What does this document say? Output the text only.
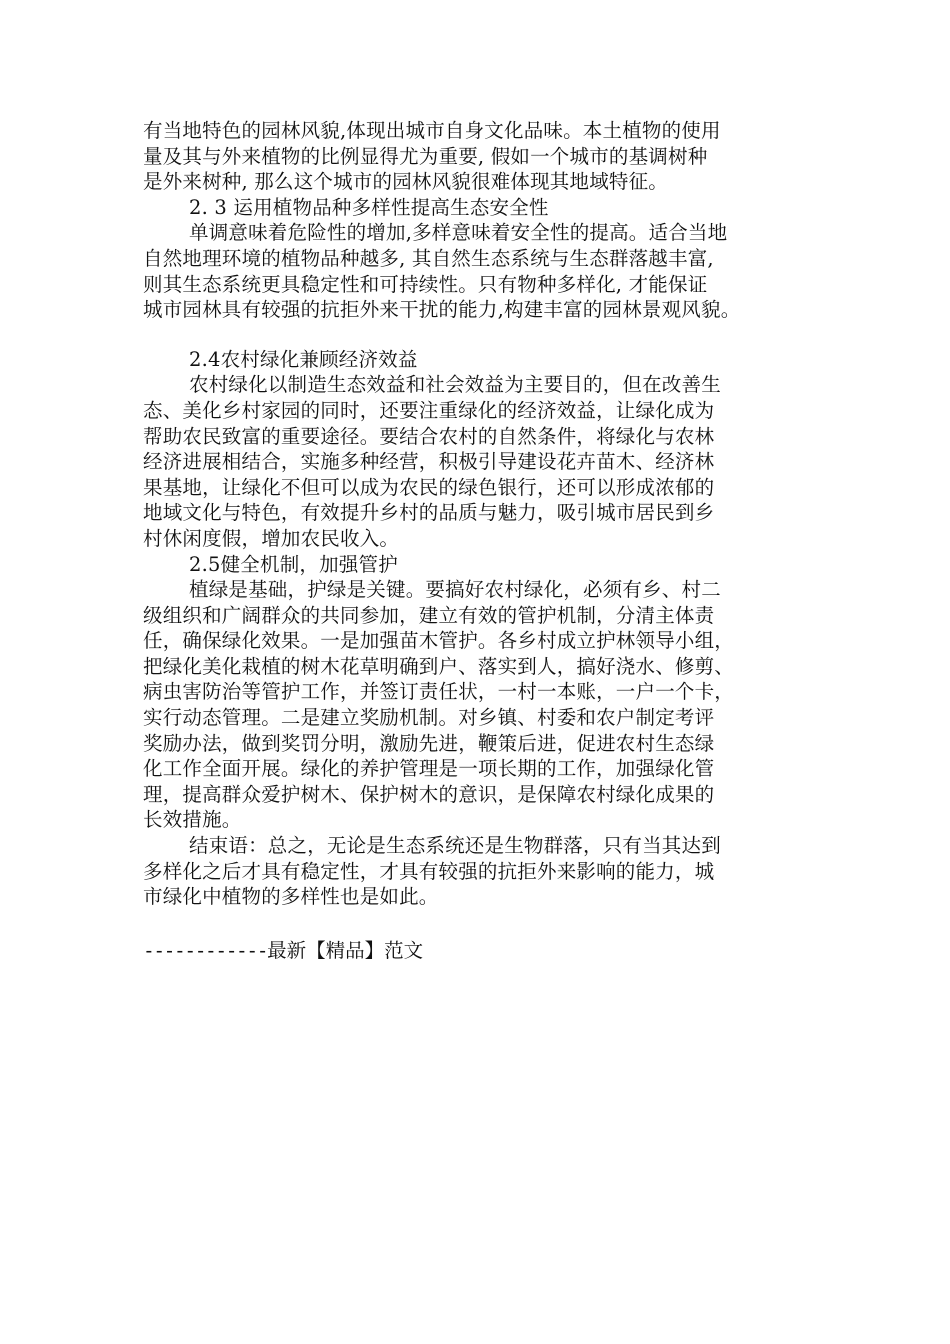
有当地特色的园林风貌,体现出城市自身文化品味。本土植物的使用
量及其与外来植物的比例显得尤为重要, 假如一个城市的基调树种
是外来树种, 那么这个城市的园林风貌很难体现其地域特征。
2. 3 运用植物品种多样性提高生态安全性
单调意味着危险性的增加,多样意味着安全性的提高。适合当地
自然地理环境的植物品种越多, 其自然生态系统与生态群落越丰富,
则其生态系统更具稳定性和可持续性。只有物种多样化, 才能保证
城市园林具有较强的抗拒外来干扰的能力,构建丰富的园林景观风貌。
2.4农村绿化兼顾经济效益
农村绿化以制造生态效益和社会效益为主要目的，但在改善生
态、美化乡村家园的同时，还要注重绿化的经济效益，让绿化成为
帮助农民致富的重要途径。要结合农村的自然条件，将绿化与农林
经济进展相结合，实施多种经营，积极引导建设花卉苗木、经济林
果基地，让绿化不但可以成为农民的绿色银行，还可以形成浓郁的
地域文化与特色，有效提升乡村的品质与魅力，吸引城市居民到乡
村休闲度假，增加农民收入。
2.5健全机制，加强管护
植绿是基础，护绿是关键。要搞好农村绿化，必须有乡、村二
级组织和广阔群众的共同参加，建立有效的管护机制，分清主体责
任，确保绿化效果。一是加强苗木管护。各乡村成立护林领导小组，
把绿化美化栽植的树木花草明确到户、落实到人，搞好浇水、修剪、
病虫害防治等管护工作，并签订责任状，一村一本账，一户一个卡，
实行动态管理。二是建立奖励机制。对乡镇、村委和农户制定考评
奖励办法，做到奖罚分明，激励先进，鞭策后进，促进农村生态绿
化工作全面开展。绿化的养护管理是一项长期的工作，加强绿化管
理，提高群众爱护树木、保护树木的意识，是保障农村绿化成果的
长效措施。
结束语：总之，无论是生态系统还是生物群落，只有当其达到
多样化之后才具有稳定性，才具有较强的抗拒外来影响的能力，城
市绿化中植物的多样性也是如此。
------------最新【精品】范文
